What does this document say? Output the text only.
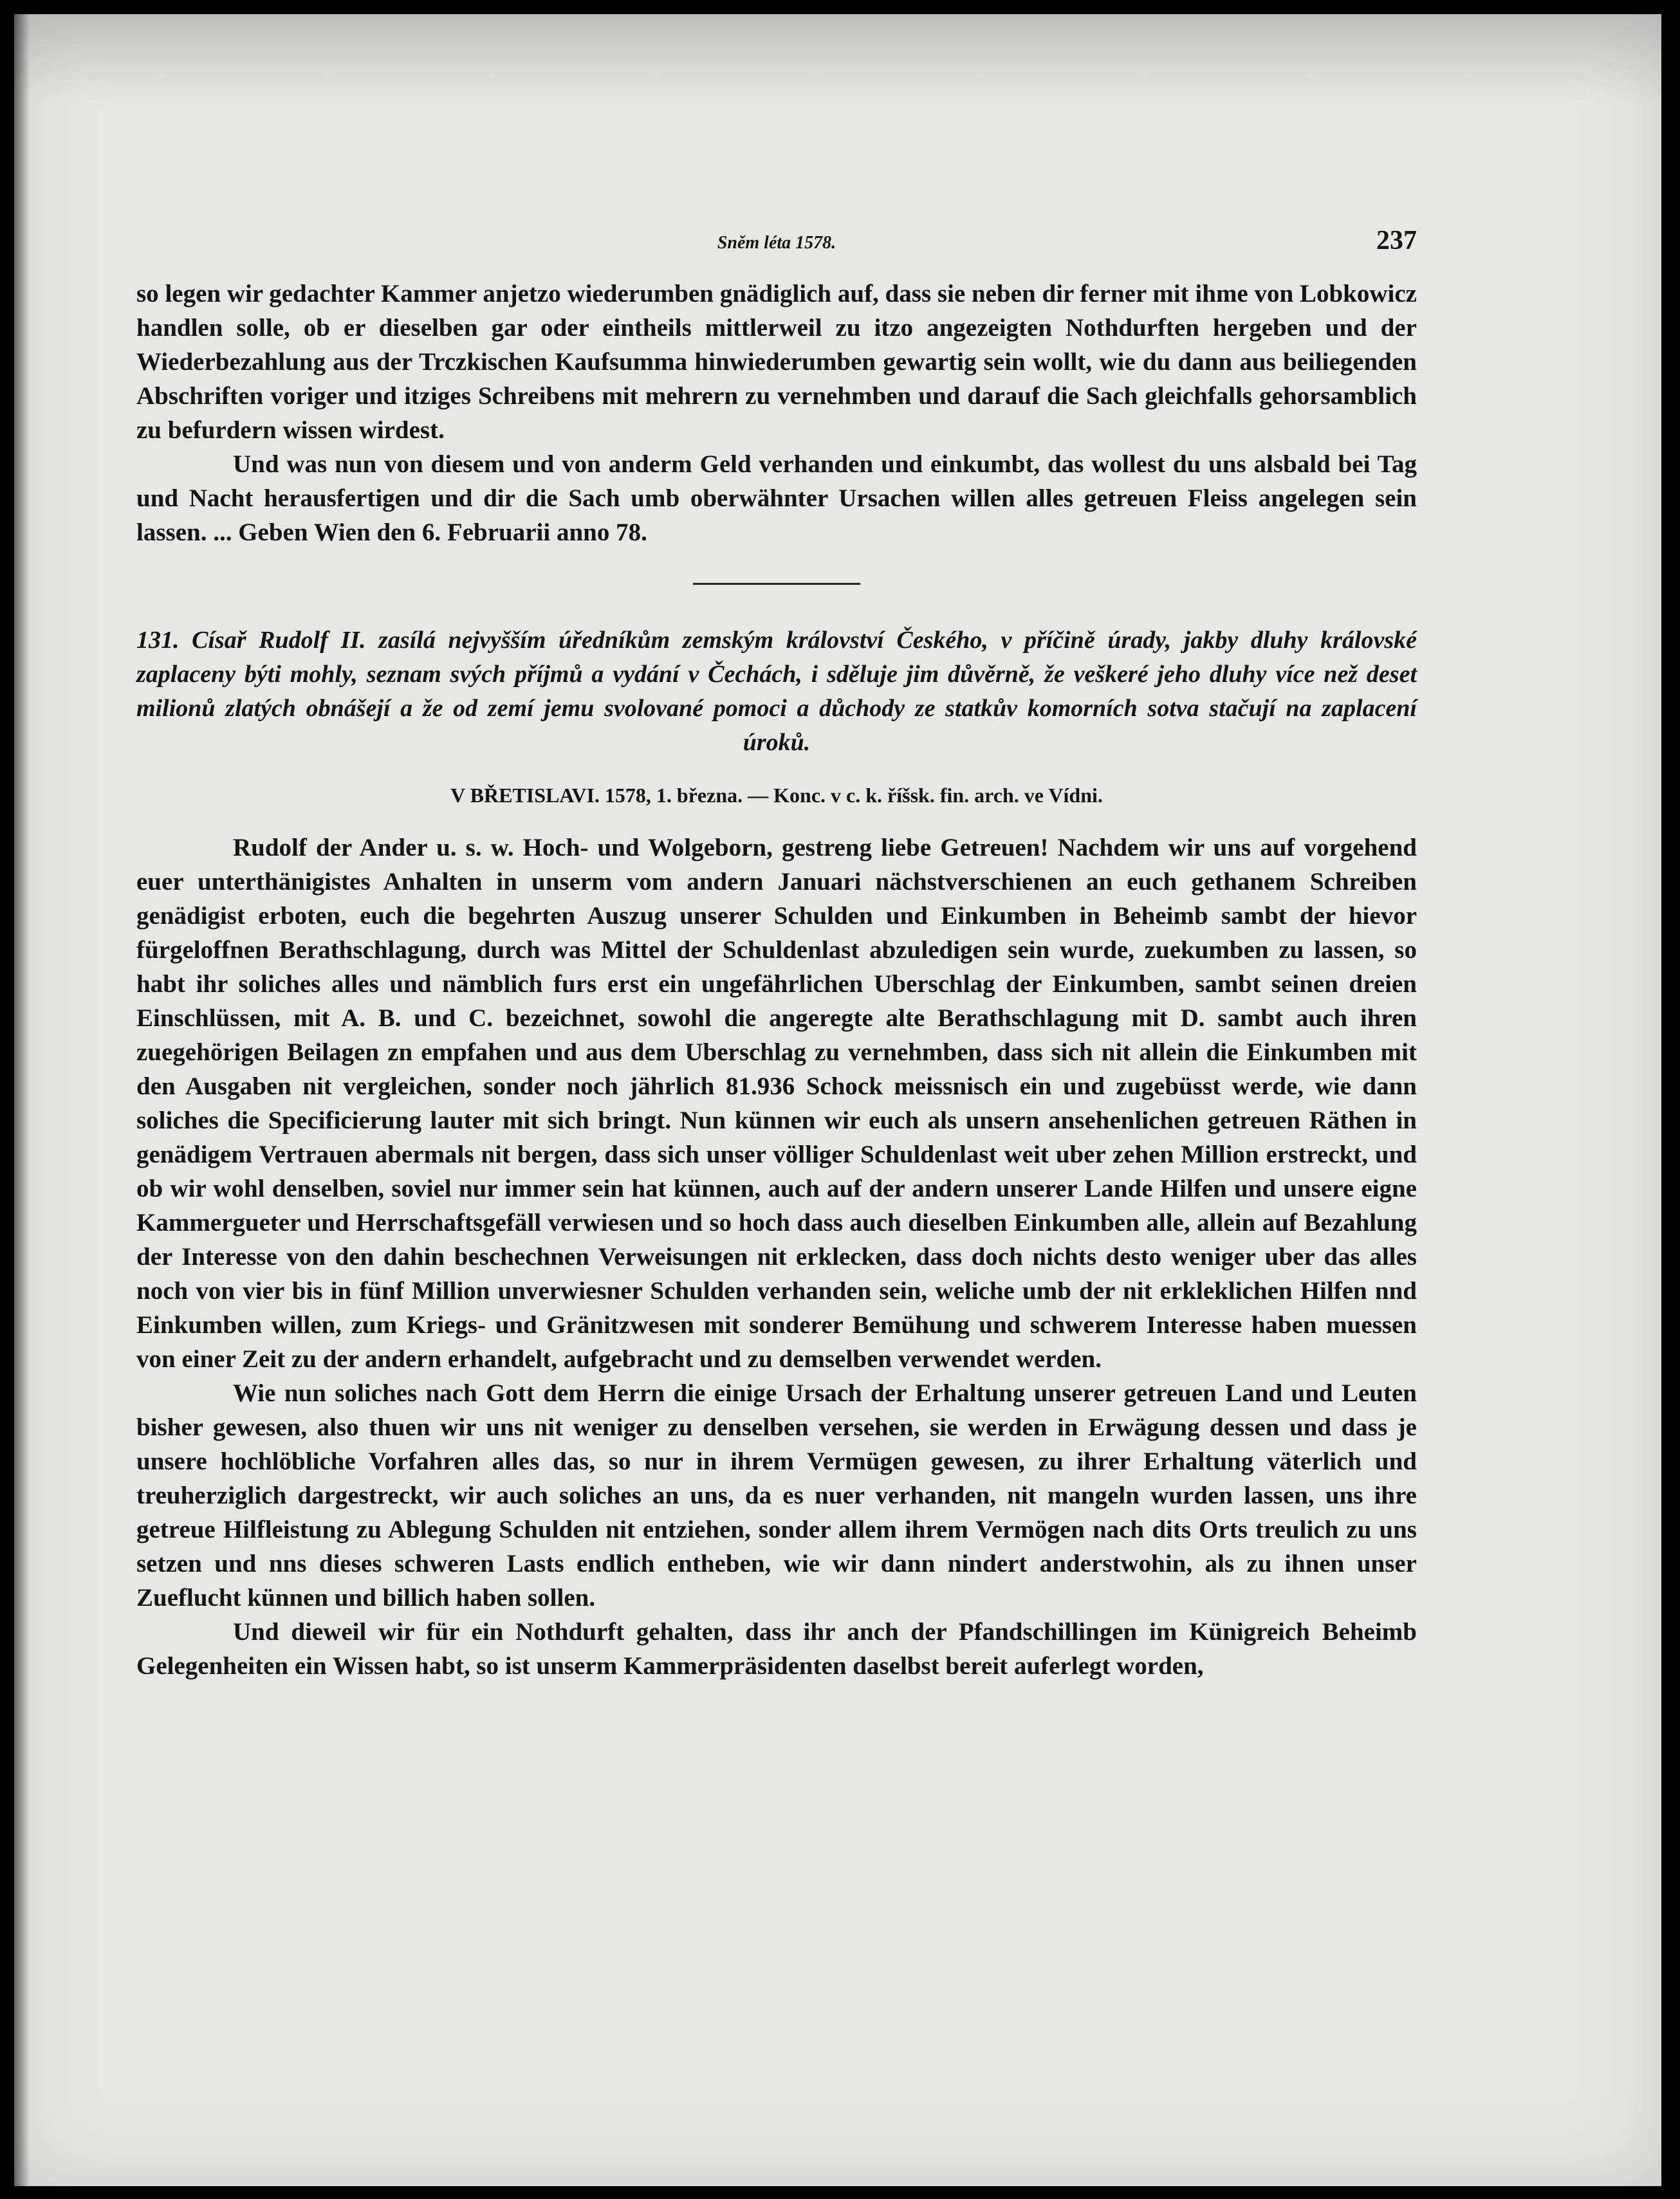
Sněm léta 1578.	237

so legen wir gedachter Kammer anjetzo wiederumben gnädiglich auf, dass sie neben dir ferner mit ihme von Lobkowicz handlen solle, ob er dieselben gar oder eintheils mittlerweil zu itzo angezeigten Nothdurften hergeben und der Wiederbezahlung aus der Trczkischen Kaufsumma hinwiederumben gewartig sein wollt, wie du dann aus beiliegenden Abschriften voriger und itziges Schreibens mit mehrern zu vernehmben und darauf die Sach gleichfalls gehorsamblich zu befurdern wissen wirdest.

Und was nun von diesem und von anderm Geld verhanden und einkumbt, das wollest du uns alsbald bei Tag und Nacht herausfertigen und dir die Sach umb oberwähnter Ursachen willen alles getreuen Fleiss angelegen sein lassen. ... Geben Wien den 6. Februarii anno 78.

131. Císař Rudolf II. zasílá nejvyšším úředníkům zemským království Českého, v příčině úrady, jakby dluhy královské zaplaceny býti mohly, seznam svých příjmů a vydání v Čechách, i sděluje jim důvěrně, že veškeré jeho dluhy více než deset milionů zlatých obnášejí a že od zemí jemu svolované pomoci a důchody ze statkův komorních sotva stačují na zaplacení úroků.

V BŘETISLAVI. 1578, 1. března. — Konc. v c. k. říšsk. fin. arch. ve Vídni.

Rudolf der Ander u. s. w. Hoch- und Wolgeborn, gestreng liebe Getreuen! Nachdem wir uns auf vorgehend euer unterthänigistes Anhalten in unserm vom andern Januari nächstverschienen an euch gethanem Schreiben genädigist erboten, euch die begehrten Auszug unserer Schulden und Einkumben in Beheimb sambt der hievor fürgeloffnen Berathschlagung, durch was Mittel der Schuldenlast abzuledigen sein wurde, zuekumben zu lassen, so habt ihr soliches alles und nämblich furs erst ein ungefährlichen Uberschlag der Einkumben, sambt seinen dreien Einschlüssen, mit A. B. und C. bezeichnet, sowohl die angeregte alte Berathschlagung mit D. sambt auch ihren zuegehörigen Beilagen zn empfahen und aus dem Uberschlag zu vernehmben, dass sich nit allein die Einkumben mit den Ausgaben nit vergleichen, sonder noch jährlich 81.936 Schock meissnisch ein und zugebüsst werde, wie dann soliches die Specificierung lauter mit sich bringt. Nun künnen wir euch als unsern ansehenlichen getreuen Räthen in genädigem Vertrauen abermals nit bergen, dass sich unser völliger Schuldenlast weit uber zehen Million erstreckt, und ob wir wohl denselben, soviel nur immer sein hat künnen, auch auf der andern unserer Lande Hilfen und unsere eigne Kammergueter und Herrschaftsgefäll verwiesen und so hoch dass auch dieselben Einkumben alle, allein auf Bezahlung der Interesse von den dahin beschechnen Verweisungen nit erklecken, dass doch nichts desto weniger uber das alles noch von vier bis in fünf Million unverwiesner Schulden verhanden sein, weliche umb der nit erkleklichen Hilfen nnd Einkumben willen, zum Kriegs- und Gränitzwesen mit sonderer Bemühung und schwerem Interesse haben muessen von einer Zeit zu der andern erhandelt, aufgebracht und zu demselben verwendet werden.

Wie nun soliches nach Gott dem Herrn die einige Ursach der Erhaltung unserer getreuen Land und Leuten bisher gewesen, also thuen wir uns nit weniger zu denselben versehen, sie werden in Erwägung dessen und dass je unsere hochlöbliche Vorfahren alles das, so nur in ihrem Vermügen gewesen, zu ihrer Erhaltung väterlich und treuherziglich dargestreckt, wir auch soliches an uns, da es nuer verhanden, nit mangeln wurden lassen, uns ihre getreue Hilfleistung zu Ablegung Schulden nit entziehen, sonder allem ihrem Vermögen nach dits Orts treulich zu uns setzen und nns dieses schweren Lasts endlich entheben, wie wir dann nindert anderstwohin, als zu ihnen unser Zueflucht künnen und billich haben sollen.

Und dieweil wir für ein Nothdurft gehalten, dass ihr anch der Pfandschillingen im Künigreich Beheimb Gelegenheiten ein Wissen habt, so ist unserm Kammerpräsidenten daselbst bereit auferlegt worden,
